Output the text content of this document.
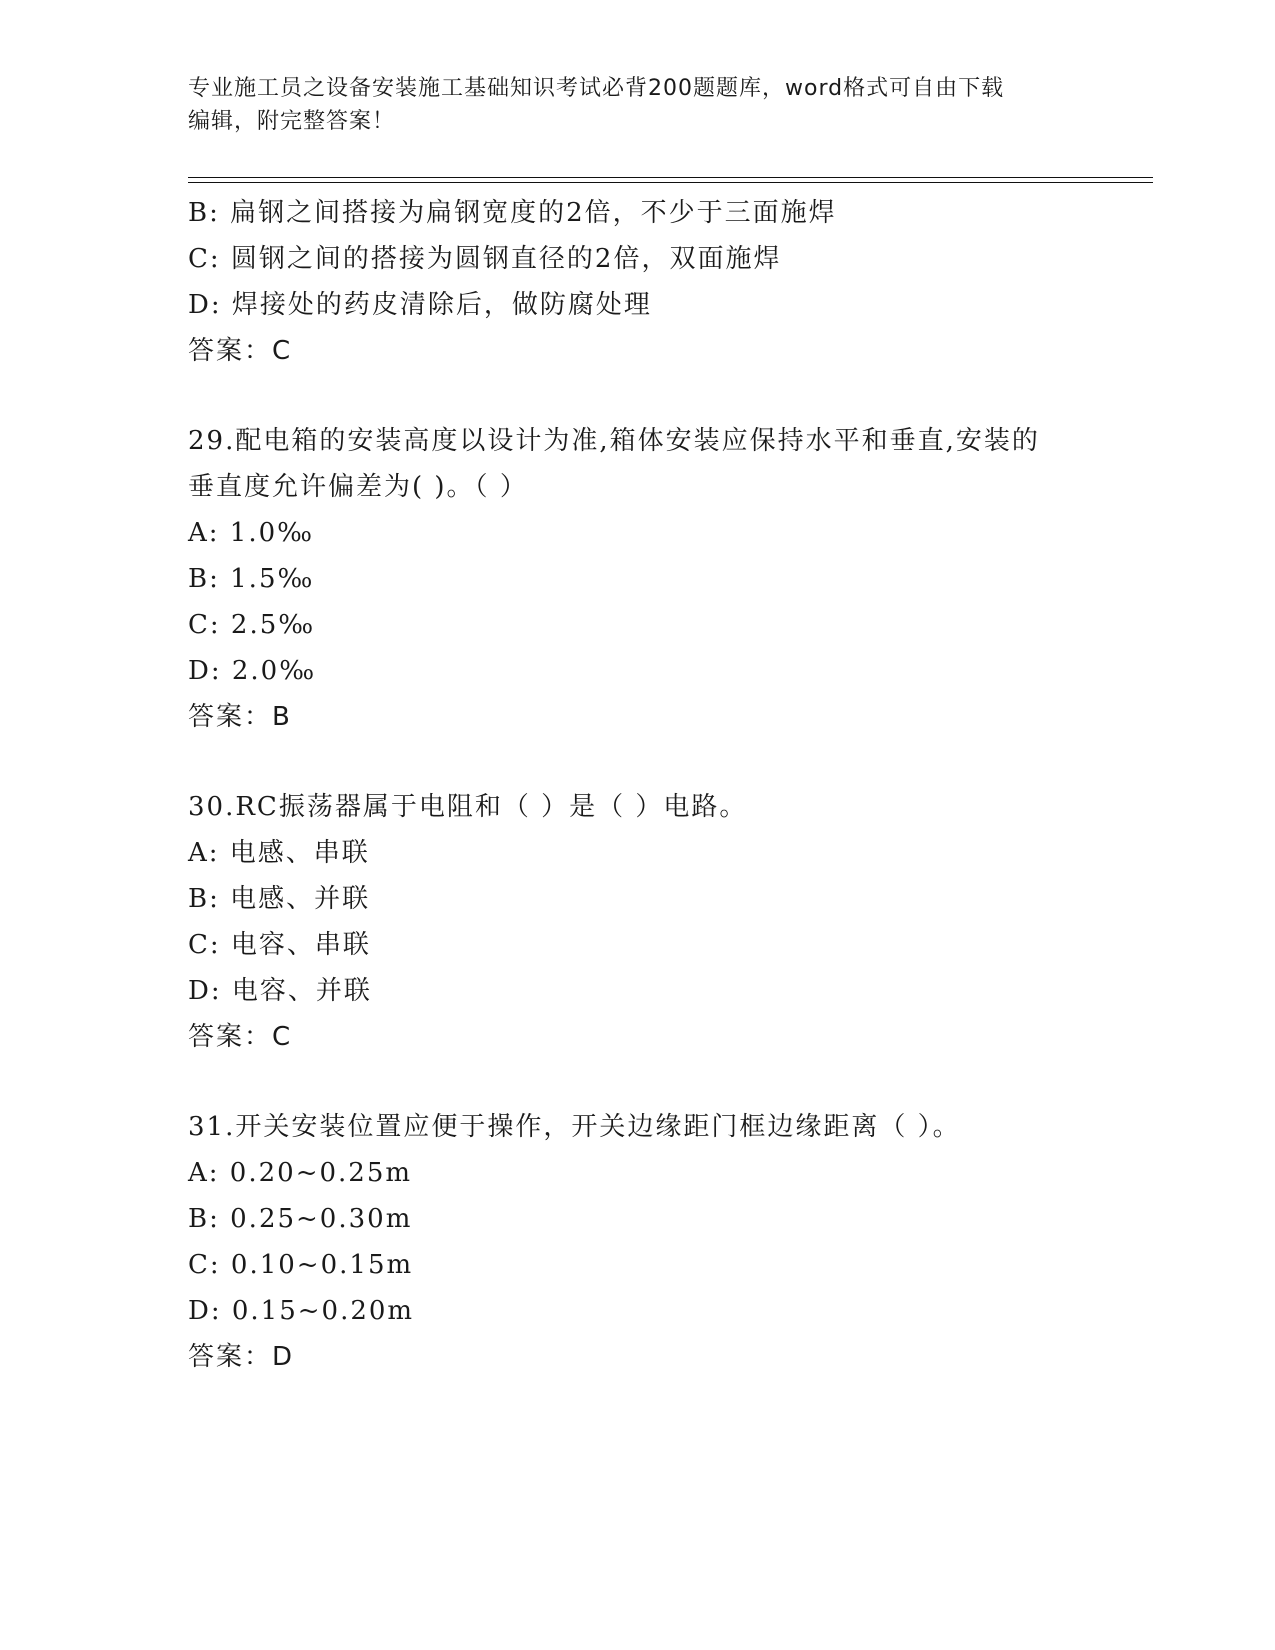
专业施工员之设备安装施工基础知识考试必背200题题库，word格式可自由下载
编辑，附完整答案！
B: 扁钢之间搭接为扁钢宽度的2倍，不少于三面施焊
C: 圆钢之间的搭接为圆钢直径的2倍，双面施焊
D: 焊接处的药皮清除后，做防腐处理
答案：C
29.配电箱的安装高度以设计为准,箱体安装应保持水平和垂直,安装的
垂直度允许偏差为( )。（ ）
A: 1.0‰
B: 1.5‰
C: 2.5‰
D: 2.0‰
答案：B
30.RC振荡器属于电阻和（ ）是（ ）电路。
A: 电感、串联
B: 电感、并联
C: 电容、串联
D: 电容、并联
答案：C
31.开关安装位置应便于操作，开关边缘距门框边缘距离（ ）。
A: 0.20~0.25m
B: 0.25~0.30m
C: 0.10~0.15m
D: 0.15~0.20m
答案：D
